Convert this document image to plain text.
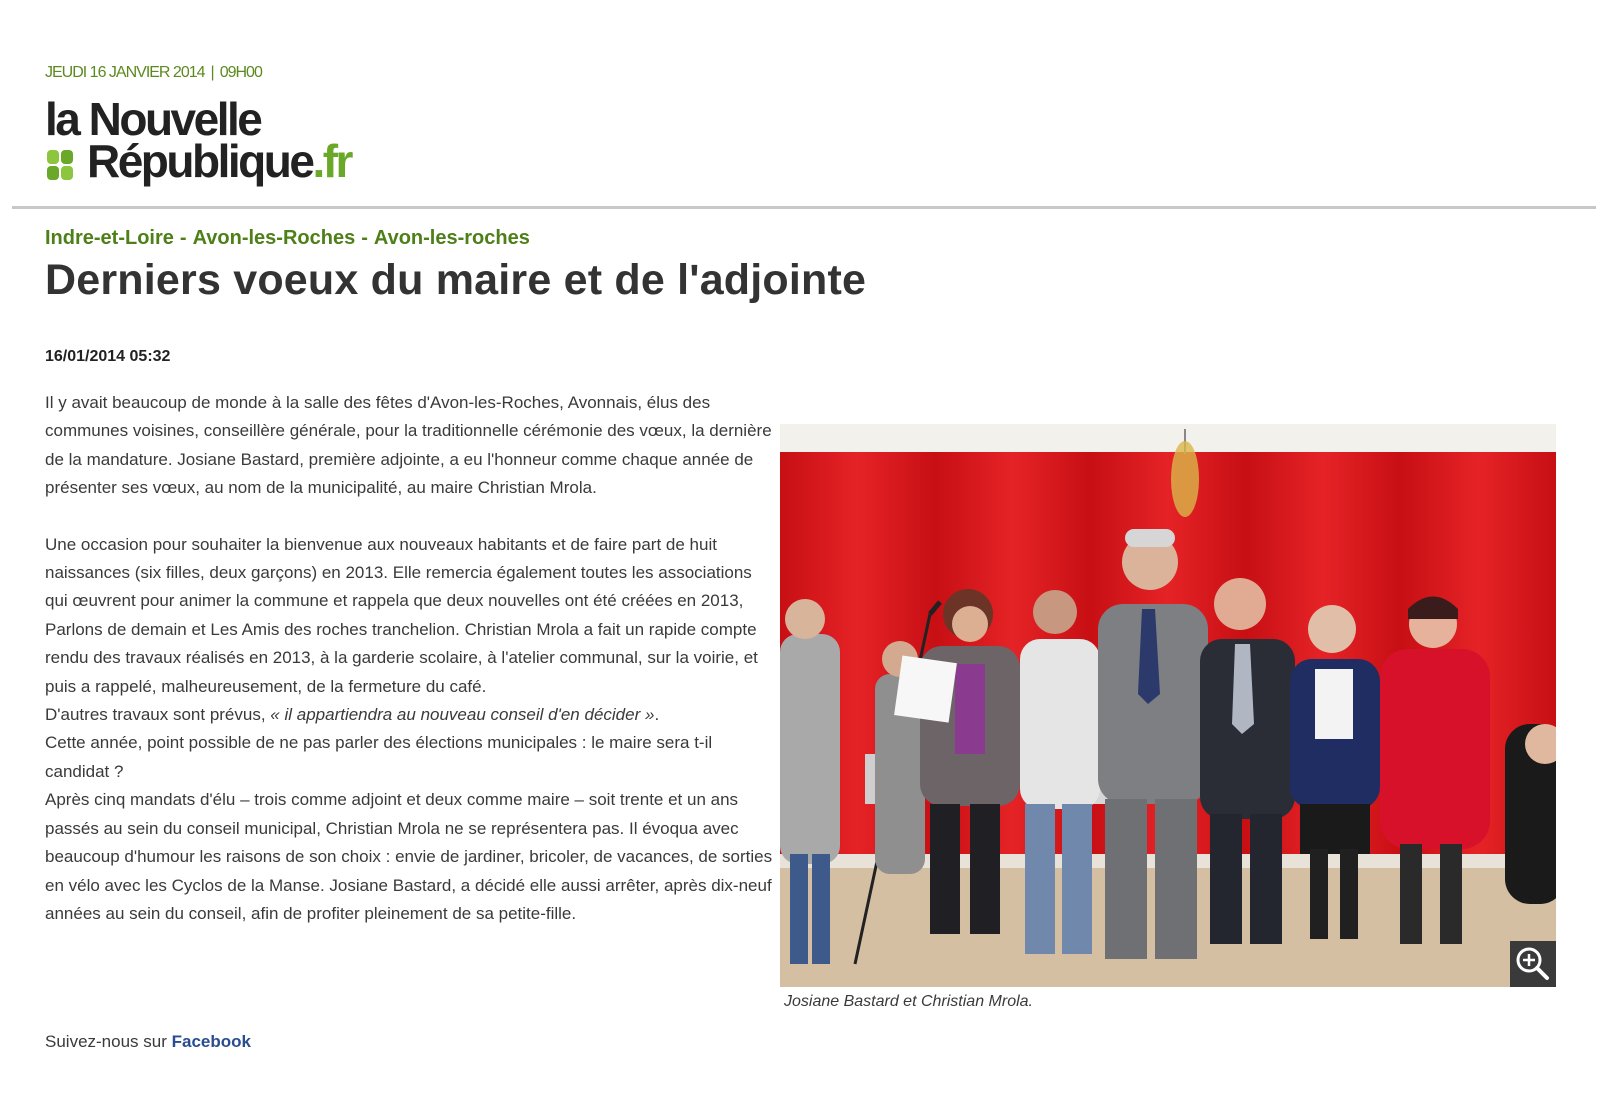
JEUDI 16 JANVIER 2014 | 09H00
la Nouvelle
République.fr
Indre-et-Loire - Avon-les-Roches - Avon-les-roches
Derniers voeux du maire et de l'adjointe
16/01/2014 05:32

Il y avait beaucoup de monde à la salle des fêtes d'Avon-les-Roches, Avonnais, élus des communes voisines, conseillère générale, pour la traditionnelle cérémonie des vœux, la dernière de la mandature. Josiane Bastard, première adjointe, a eu l'honneur comme chaque année de présenter ses vœux, au nom de la municipalité, au maire Christian Mrola.

Une occasion pour souhaiter la bienvenue aux nouveaux habitants et de faire part de huit naissances (six filles, deux garçons) en 2013. Elle remercia également toutes les associations qui œuvrent pour animer la commune et rappela que deux nouvelles ont été créées en 2013, Parlons de demain et Les Amis des roches tranchelion. Christian Mrola a fait un rapide compte rendu des travaux réalisés en 2013, à la garderie scolaire, à l'atelier communal, sur la voirie, et puis a rappelé, malheureusement, de la fermeture du café.

D'autres travaux sont prévus, « il appartiendra au nouveau conseil d'en décider ».

Cette année, point possible de ne pas parler des élections municipales : le maire sera t-il candidat ?

Après cinq mandats d'élu – trois comme adjoint et deux comme maire – soit trente et un ans passés au sein du conseil municipal, Christian Mrola ne se représentera pas. Il évoqua avec beaucoup d'humour les raisons de son choix : envie de jardiner, bricoler, de vacances, de sorties en vélo avec les Cyclos de la Manse. Josiane Bastard, a décidé elle aussi arrêter, après dix-neuf années au sein du conseil, afin de profiter pleinement de sa petite-fille.

Suivez-nous sur Facebook
Josiane Bastard et Christian Mrola.
